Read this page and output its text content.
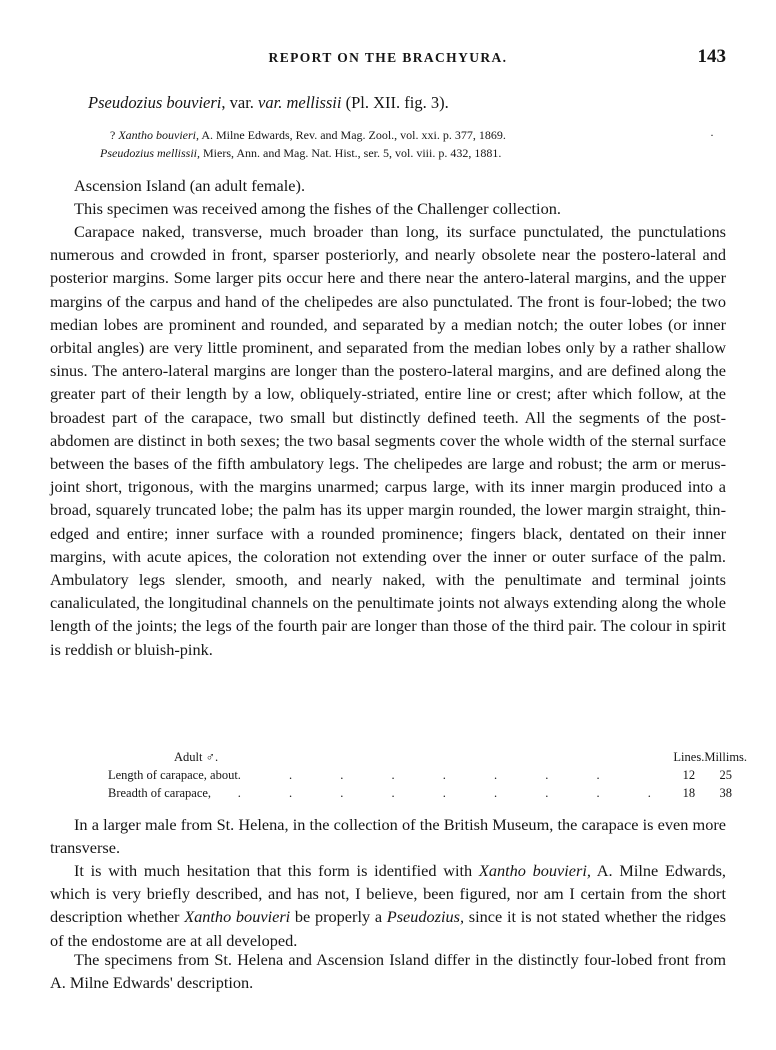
REPORT ON THE BRACHYURA.	143
Pseudozius bouvieri, var. var. mellissii (Pl. XII. fig. 3).
? Xantho bouvieri, A. Milne Edwards, Rev. and Mag. Zool., vol. xxi. p. 377, 1869.	·
Pseudozius mellissii, Miers, Ann. and Mag. Nat. Hist., ser. 5, vol. viii. p. 432, 1881.

Ascension Island (an adult female).

This specimen was received among the fishes of the Challenger collection.

Carapace naked, transverse, much broader than long, its surface punctulated, the punctulations numerous and crowded in front, sparser posteriorly, and nearly obsolete near the postero-lateral and posterior margins. Some larger pits occur here and there near the antero-lateral margins, and the upper margins of the carpus and hand of the chelipedes are also punctulated. The front is four-lobed; the two median lobes are prominent and rounded, and separated by a median notch; the outer lobes (or inner orbital angles) are very little prominent, and separated from the median lobes only by a rather shallow sinus. The antero-lateral margins are longer than the postero-lateral margins, and are defined along the greater part of their length by a low, obliquely-striated, entire line or crest; after which follow, at the broadest part of the carapace, two small but distinctly defined teeth. All the segments of the post-abdomen are distinct in both sexes; the two basal segments cover the whole width of the sternal surface between the bases of the fifth ambulatory legs. The chelipedes are large and robust; the arm or merus-joint short, trigonous, with the margins unarmed; carpus large, with its inner margin produced into a broad, squarely truncated lobe; the palm has its upper margin rounded, the lower margin straight, thin-edged and entire; inner surface with a rounded prominence; fingers black, dentated on their inner margins, with acute apices, the coloration not extending over the inner or outer surface of the palm. Ambulatory legs slender, smooth, and nearly naked, with the penultimate and terminal joints canaliculated, the longitudinal channels on the penultimate joints not always extending along the whole length of the joints; the legs of the fourth pair are longer than those of the third pair. The colour in spirit is reddish or bluish-pink.

Adult ♂.		Lines.	Millims.
Length of carapace, about	. . . . . . . .	12	25
Breadth of carapace,	. . . . . . . . .	18	38

In a larger male from St. Helena, in the collection of the British Museum, the carapace is even more transverse.

It is with much hesitation that this form is identified with Xantho bouvieri, A. Milne Edwards, which is very briefly described, and has not, I believe, been figured, nor am I certain from the short description whether Xantho bouvieri be properly a Pseudozius, since it is not stated whether the ridges of the endostome are at all developed.

The specimens from St. Helena and Ascension Island differ in the distinctly four-lobed front from A. Milne Edwards' description.
